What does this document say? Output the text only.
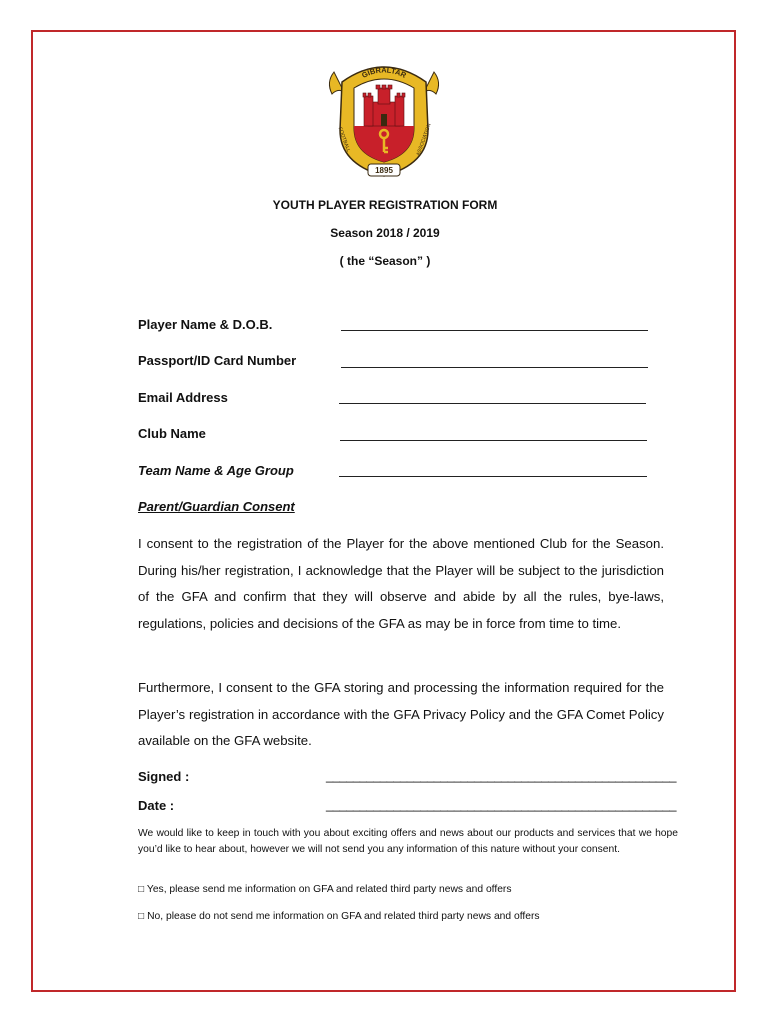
GIBRALTAR
FOOTBALL	ASSOCIATION
1895
YOUTH PLAYER REGISTRATION FORM
Season 2018 / 2019
( the “Season” )
Player Name & D.O.B.
Passport/ID Card Number
Email Address
Club Name
Team Name & Age Group
Parent/Guardian Consent

I consent to the registration of the Player for the above mentioned Club for the Season. During his/her registration, I acknowledge that the Player will be subject to the jurisdiction of the GFA and confirm that they will observe and abide by all the rules, bye-laws, regulations, policies and decisions of the GFA as may be in force from time to time.

Furthermore, I consent to the GFA storing and processing the information required for the Player’s registration in accordance with the GFA Privacy Policy and the GFA Comet Policy available on the GFA website.

Signed :	____________________________________________________
Date :	____________________________________________________

We would like to keep in touch with you about exciting offers and news about our products and services that we hope you’d like to hear about, however we will not send you any information of this nature without your consent.

□ Yes, please send me information on GFA and related third party news and offers
□ No, please do not send me information on GFA and related third party news and offers
